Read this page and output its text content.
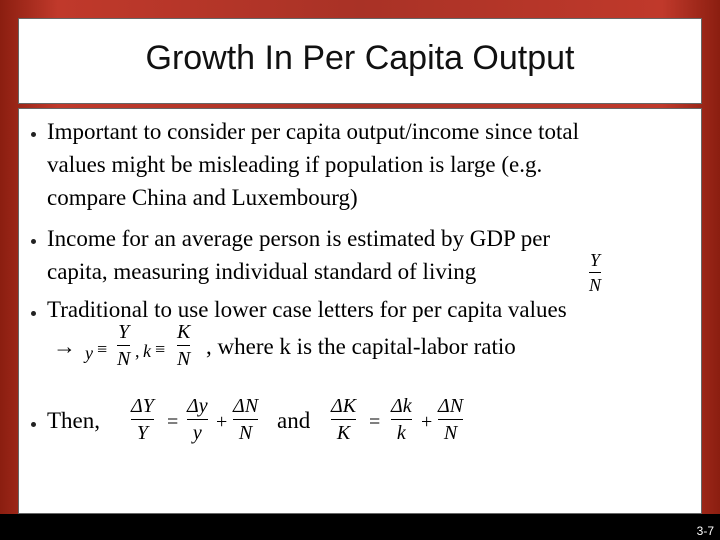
Growth In Per Capita Output
Important to consider per capita output/income since total
values might be misleading if population is large (e.g.
compare China and Luxembourg)
Income for an average person is estimated by GDP per
capita, measuring individual standard of living	Y
N
Traditional to use lower case letters for per capita values
→ y ≡
Y
N , k ≡
K
N , where k is the capital-labor ratio
Then,
ΔY
Y =
Δy
y +
ΔN
N and
ΔK
K =
Δk
k +
ΔN
N
3-7
